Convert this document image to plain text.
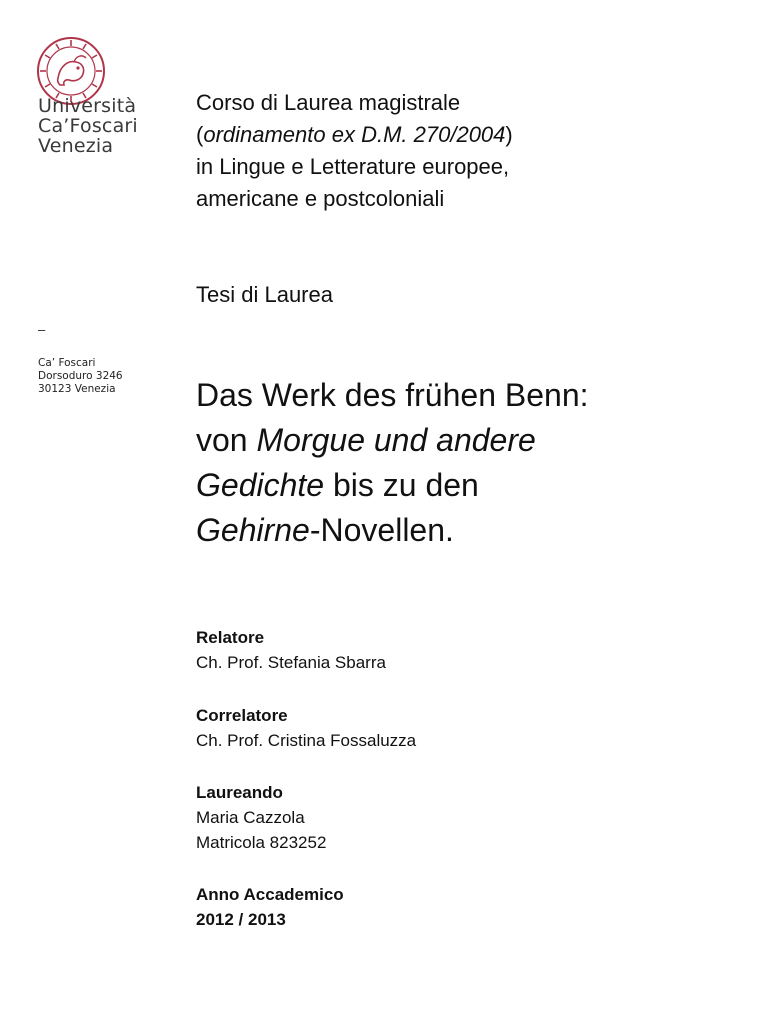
Università
Ca’Foscari
Venezia
–
Ca’ Foscari
Dorsoduro 3246
30123 Venezia
Corso di Laurea magistrale
(ordinamento ex D.M. 270/2004)
in Lingue e Letterature europee,
americane e postcoloniali
Tesi di Laurea
Das Werk des frühen Benn:
von Morgue und andere
Gedichte bis zu den
Gehirne-Novellen.
Relatore
Ch. Prof. Stefania Sbarra
Correlatore
Ch. Prof. Cristina Fossaluzza
Laureando
Maria Cazzola
Matricola 823252
Anno Accademico
2012 / 2013
